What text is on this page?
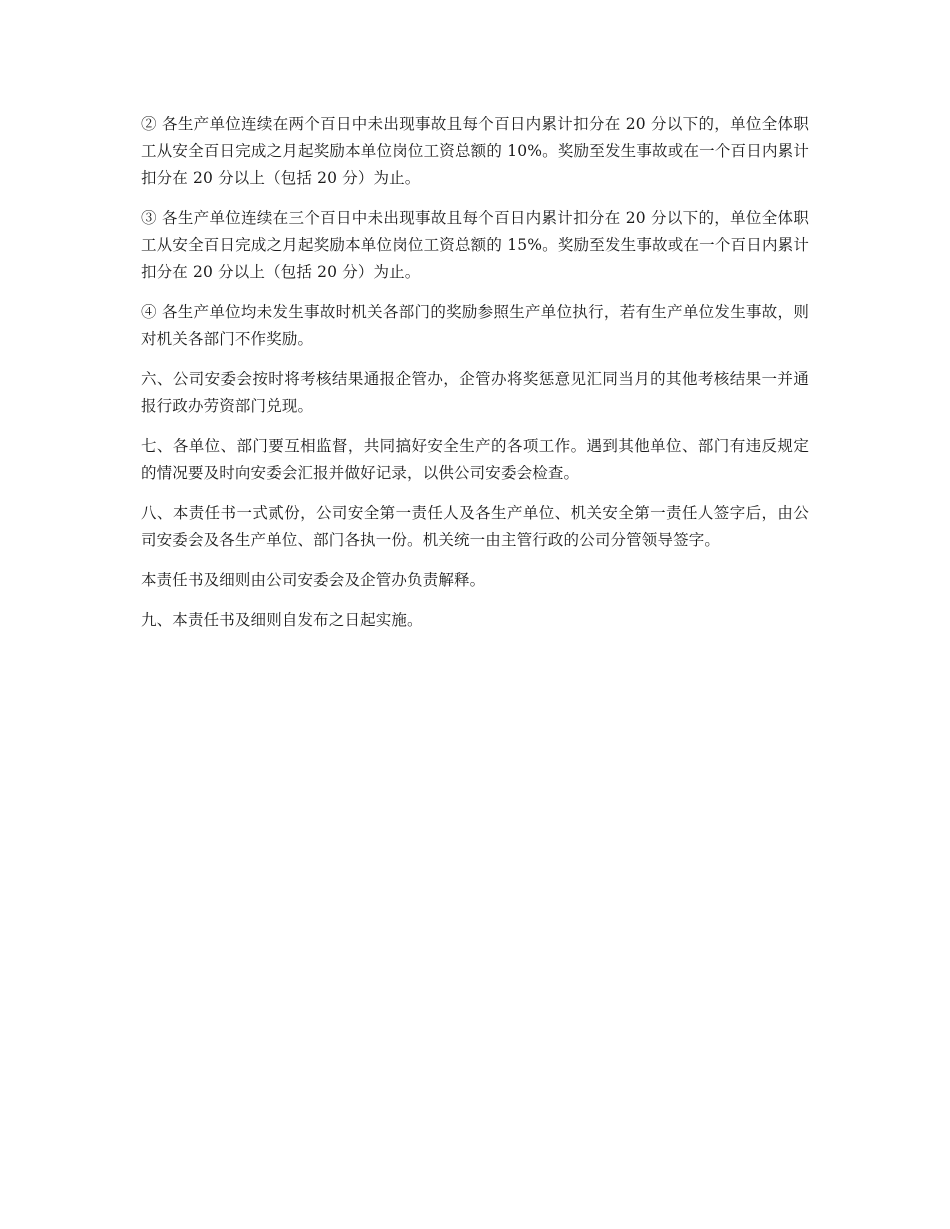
② 各生产单位连续在两个百日中未出现事故且每个百日内累计扣分在 20 分以下的，单位全体职工从安全百日完成之月起奖励本单位岗位工资总额的 10%。奖励至发生事故或在一个百日内累计扣分在 20 分以上（包括 20 分）为止。

③ 各生产单位连续在三个百日中未出现事故且每个百日内累计扣分在 20 分以下的，单位全体职工从安全百日完成之月起奖励本单位岗位工资总额的 15%。奖励至发生事故或在一个百日内累计扣分在 20 分以上（包括 20 分）为止。

④ 各生产单位均未发生事故时机关各部门的奖励参照生产单位执行，若有生产单位发生事故，则对机关各部门不作奖励。

六、公司安委会按时将考核结果通报企管办，企管办将奖惩意见汇同当月的其他考核结果一并通报行政办劳资部门兑现。

七、各单位、部门要互相监督，共同搞好安全生产的各项工作。遇到其他单位、部门有违反规定的情况要及时向安委会汇报并做好记录，以供公司安委会检查。

八、本责任书一式贰份，公司安全第一责任人及各生产单位、机关安全第一责任人签字后，由公司安委会及各生产单位、部门各执一份。机关统一由主管行政的公司分管领导签字。

本责任书及细则由公司安委会及企管办负责解释。

九、本责任书及细则自发布之日起实施。
